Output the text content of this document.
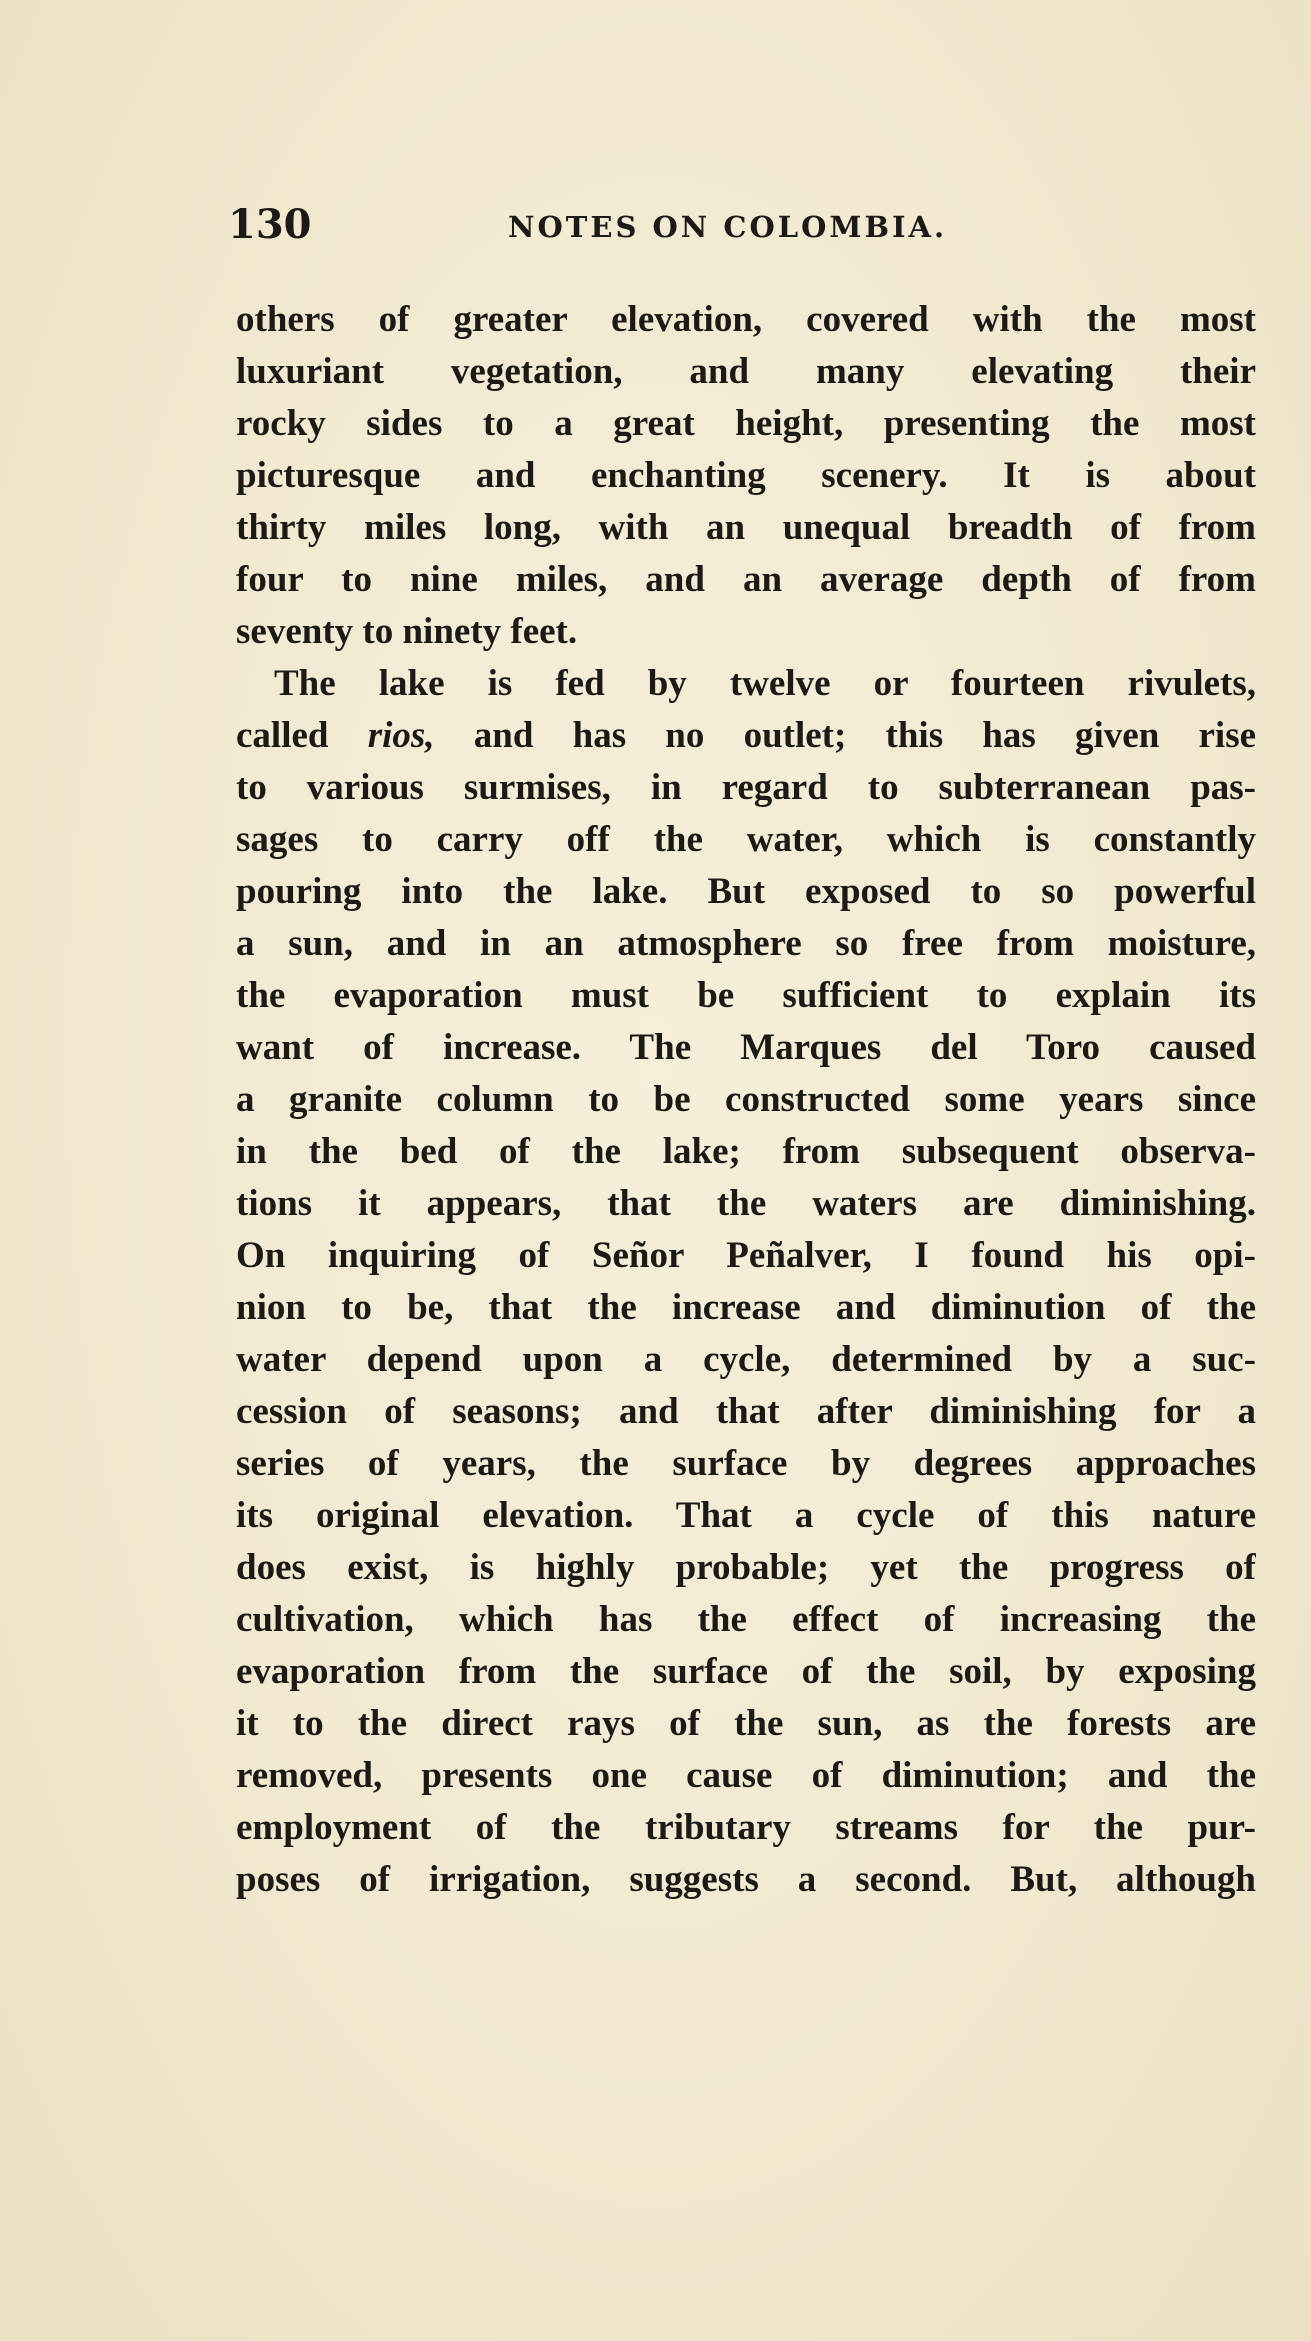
130	NOTES ON COLOMBIA.
others of greater elevation, covered with the most
luxuriant vegetation, and many elevating their
rocky sides to a great height, presenting the most
picturesque and enchanting scenery. It is about
thirty miles long, with an unequal breadth of from
four to nine miles, and an average depth of from
seventy to ninety feet.
The lake is fed by twelve or fourteen rivulets,
called rios, and has no outlet; this has given rise
to various surmises, in regard to subterranean pas-
sages to carry off the water, which is constantly
pouring into the lake. But exposed to so powerful
a sun, and in an atmosphere so free from moisture,
the evaporation must be sufficient to explain its
want of increase. The Marques del Toro caused
a granite column to be constructed some years since
in the bed of the lake; from subsequent observa-
tions it appears, that the waters are diminishing.
On inquiring of Señor Peñalver, I found his opi-
nion to be, that the increase and diminution of the
water depend upon a cycle, determined by a suc-
cession of seasons; and that after diminishing for a
series of years, the surface by degrees approaches
its original elevation. That a cycle of this nature
does exist, is highly probable; yet the progress of
cultivation, which has the effect of increasing the
evaporation from the surface of the soil, by exposing
it to the direct rays of the sun, as the forests are
removed, presents one cause of diminution; and the
employment of the tributary streams for the pur-
poses of irrigation, suggests a second. But, although
